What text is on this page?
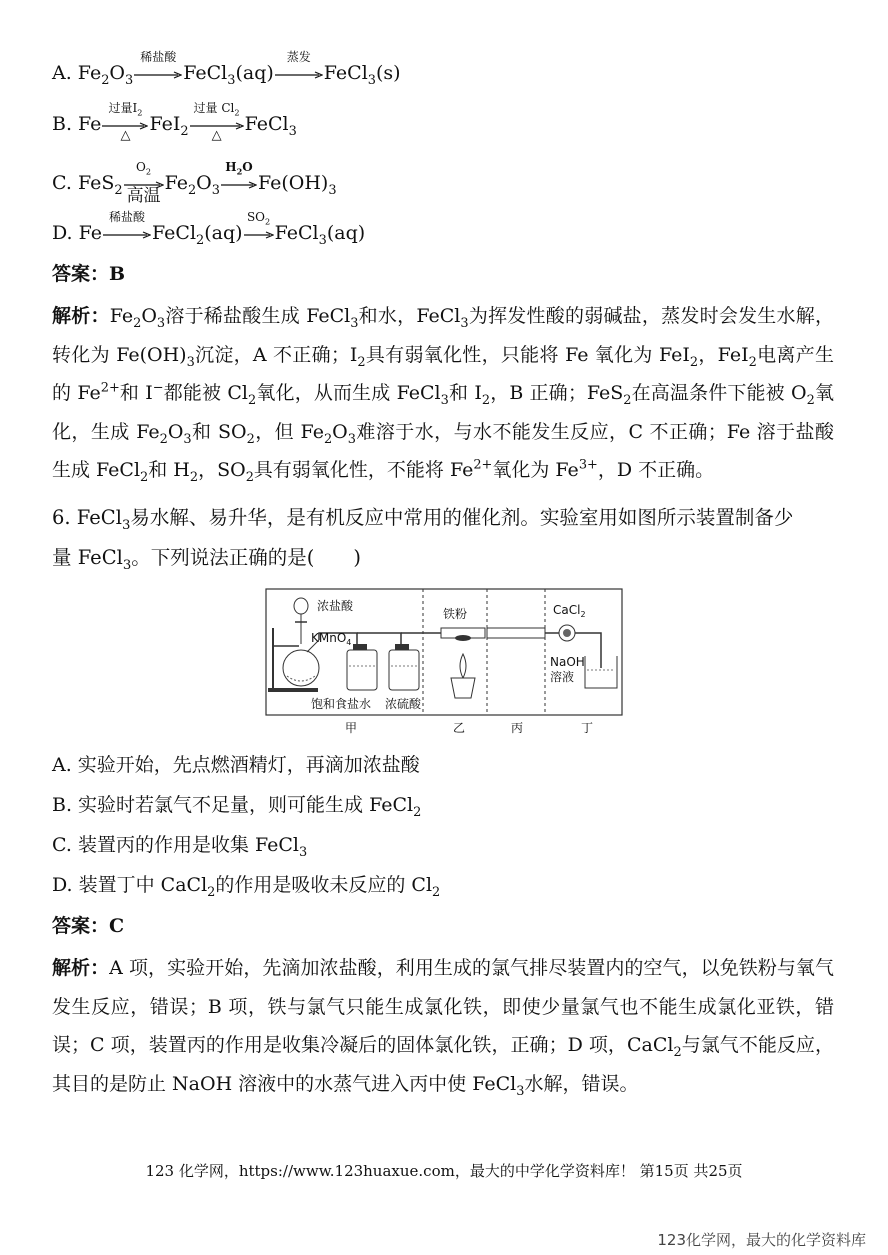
A. $Fe_2O_3$
稀盐酸
FeCl$_3$(aq)
蒸发
FeCl$_3$(s)
B. Fe
过量$I_2$
△
FeI$_2$
过量 $Cl_2$
△
FeCl$_3$
C. FeS$_2$
$O_2$
高温
$Fe_2O_3$
$H_2O$
$Fe(OH)_3$
D. Fe
稀盐酸
FeCl$_2$(aq)
$SO_2$
FeCl$_3$(aq)
答案：B
解析：$Fe_2O_3$溶于稀盐酸生成 FeCl$_3$和水，FeCl$_3$为挥发性酸的弱碱盐，蒸发时会发生水解，转化为 $Fe(OH)_3$沉淀，A 不正确；$I_2$具有弱氧化性，只能将 Fe 氧化为 FeI$_2$，FeI$_2$电离产生的 $Fe^{2+}$和 I−都能被 $Cl_2$氧化，从而生成 FeCl$_3$和 $I_2$，B 正确；FeS$_2$在高温条件下能被 $O_2$氧化，生成 $Fe_2O_3$和 $SO_2$，但 $Fe_2O_3$难溶于水，与水不能发生反应，C 不正确；Fe 溶于盐酸生成 FeCl$_2$和 $H_2$，$SO_2$具有弱氧化性，不能将 $Fe^{2+}$氧化为 $Fe^{3+}$，D 不正确。
6. FeCl$_3$易水解、易升华，是有机反应中常用的催化剂。实验室用如图所示装置制备少
量 FeCl$_3$。下列说法正确的是(　　)
浓盐酸
KMnO$_4$
铁粉	CaCl$_2$
NaOH
溶液
饱和食盐水 浓硫酸
甲	乙	丙	丁
A. 实验开始，先点燃酒精灯，再滴加浓盐酸
B. 实验时若氯气不足量，则可能生成 FeCl$_2$
C. 装置丙的作用是收集 FeCl$_3$
D. 装置丁中 CaCl$_2$的作用是吸收未反应的 $Cl_2$
答案：C
解析：A 项，实验开始，先滴加浓盐酸，利用生成的氯气排尽装置内的空气，以免铁粉与氧气发生反应，错误；B 项，铁与氯气只能生成氯化铁，即使少量氯气也不能生成氯化亚铁，错误；C 项，装置丙的作用是收集冷凝后的固体氯化铁，正确；D 项，CaCl$_2$与氯气不能反应，其目的是防止 NaOH 溶液中的水蒸气进入丙中使 FeCl$_3$水解，错误。
123 化学网，https://www.123huaxue.com，最大的中学化学资料库！ 第15页 共25页
123化学网，最大的化学资料库
